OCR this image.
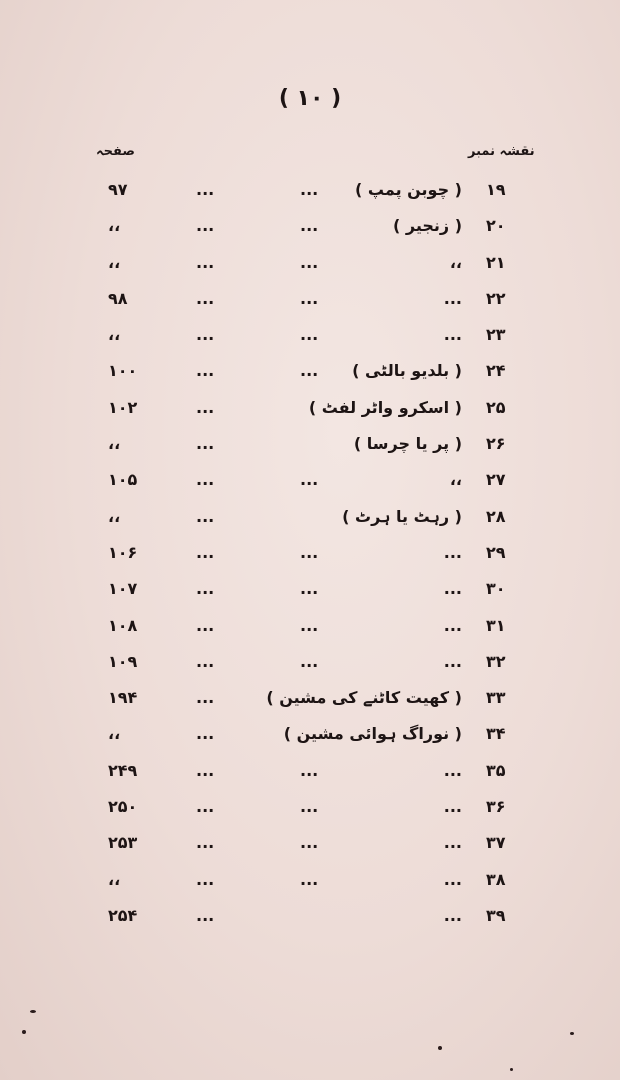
( ۱۰ )
نقشہ نمبر
صفحہ
۱۹
( چوبن پمپ )
...
...
۹۷
۲۰
( زنجیر )
...
...
،،
۲۱
،،
...
...
،،
۲۲
...
...
...
۹۸
۲۳
...
...
...
،،
۲۴
( بلدیو بالٹی )
...
...
۱۰۰
۲۵
( اسکرو واٹر لفٹ )
...
۱۰۲
۲۶
( پر یا چرسا )
...
،،
۲۷
،،
...
...
۱۰۵
۲۸
( رہٹ یا ہرٹ )
...
،،
۲۹
...
...
...
۱۰۶
۳۰
...
...
...
۱۰۷
۳۱
...
...
...
۱۰۸
۳۲
...
...
...
۱۰۹
۳۳
( کھیت کاٹنے کی مشین )
...
۱۹۴
۳۴
( نوراگ ہوائی مشین )
...
،،
۳۵
...
...
...
۲۴۹
۳۶
...
...
...
۲۵۰
۳۷
...
...
...
۲۵۳
۳۸
...
...
...
،،
۳۹
...
...
۲۵۴
